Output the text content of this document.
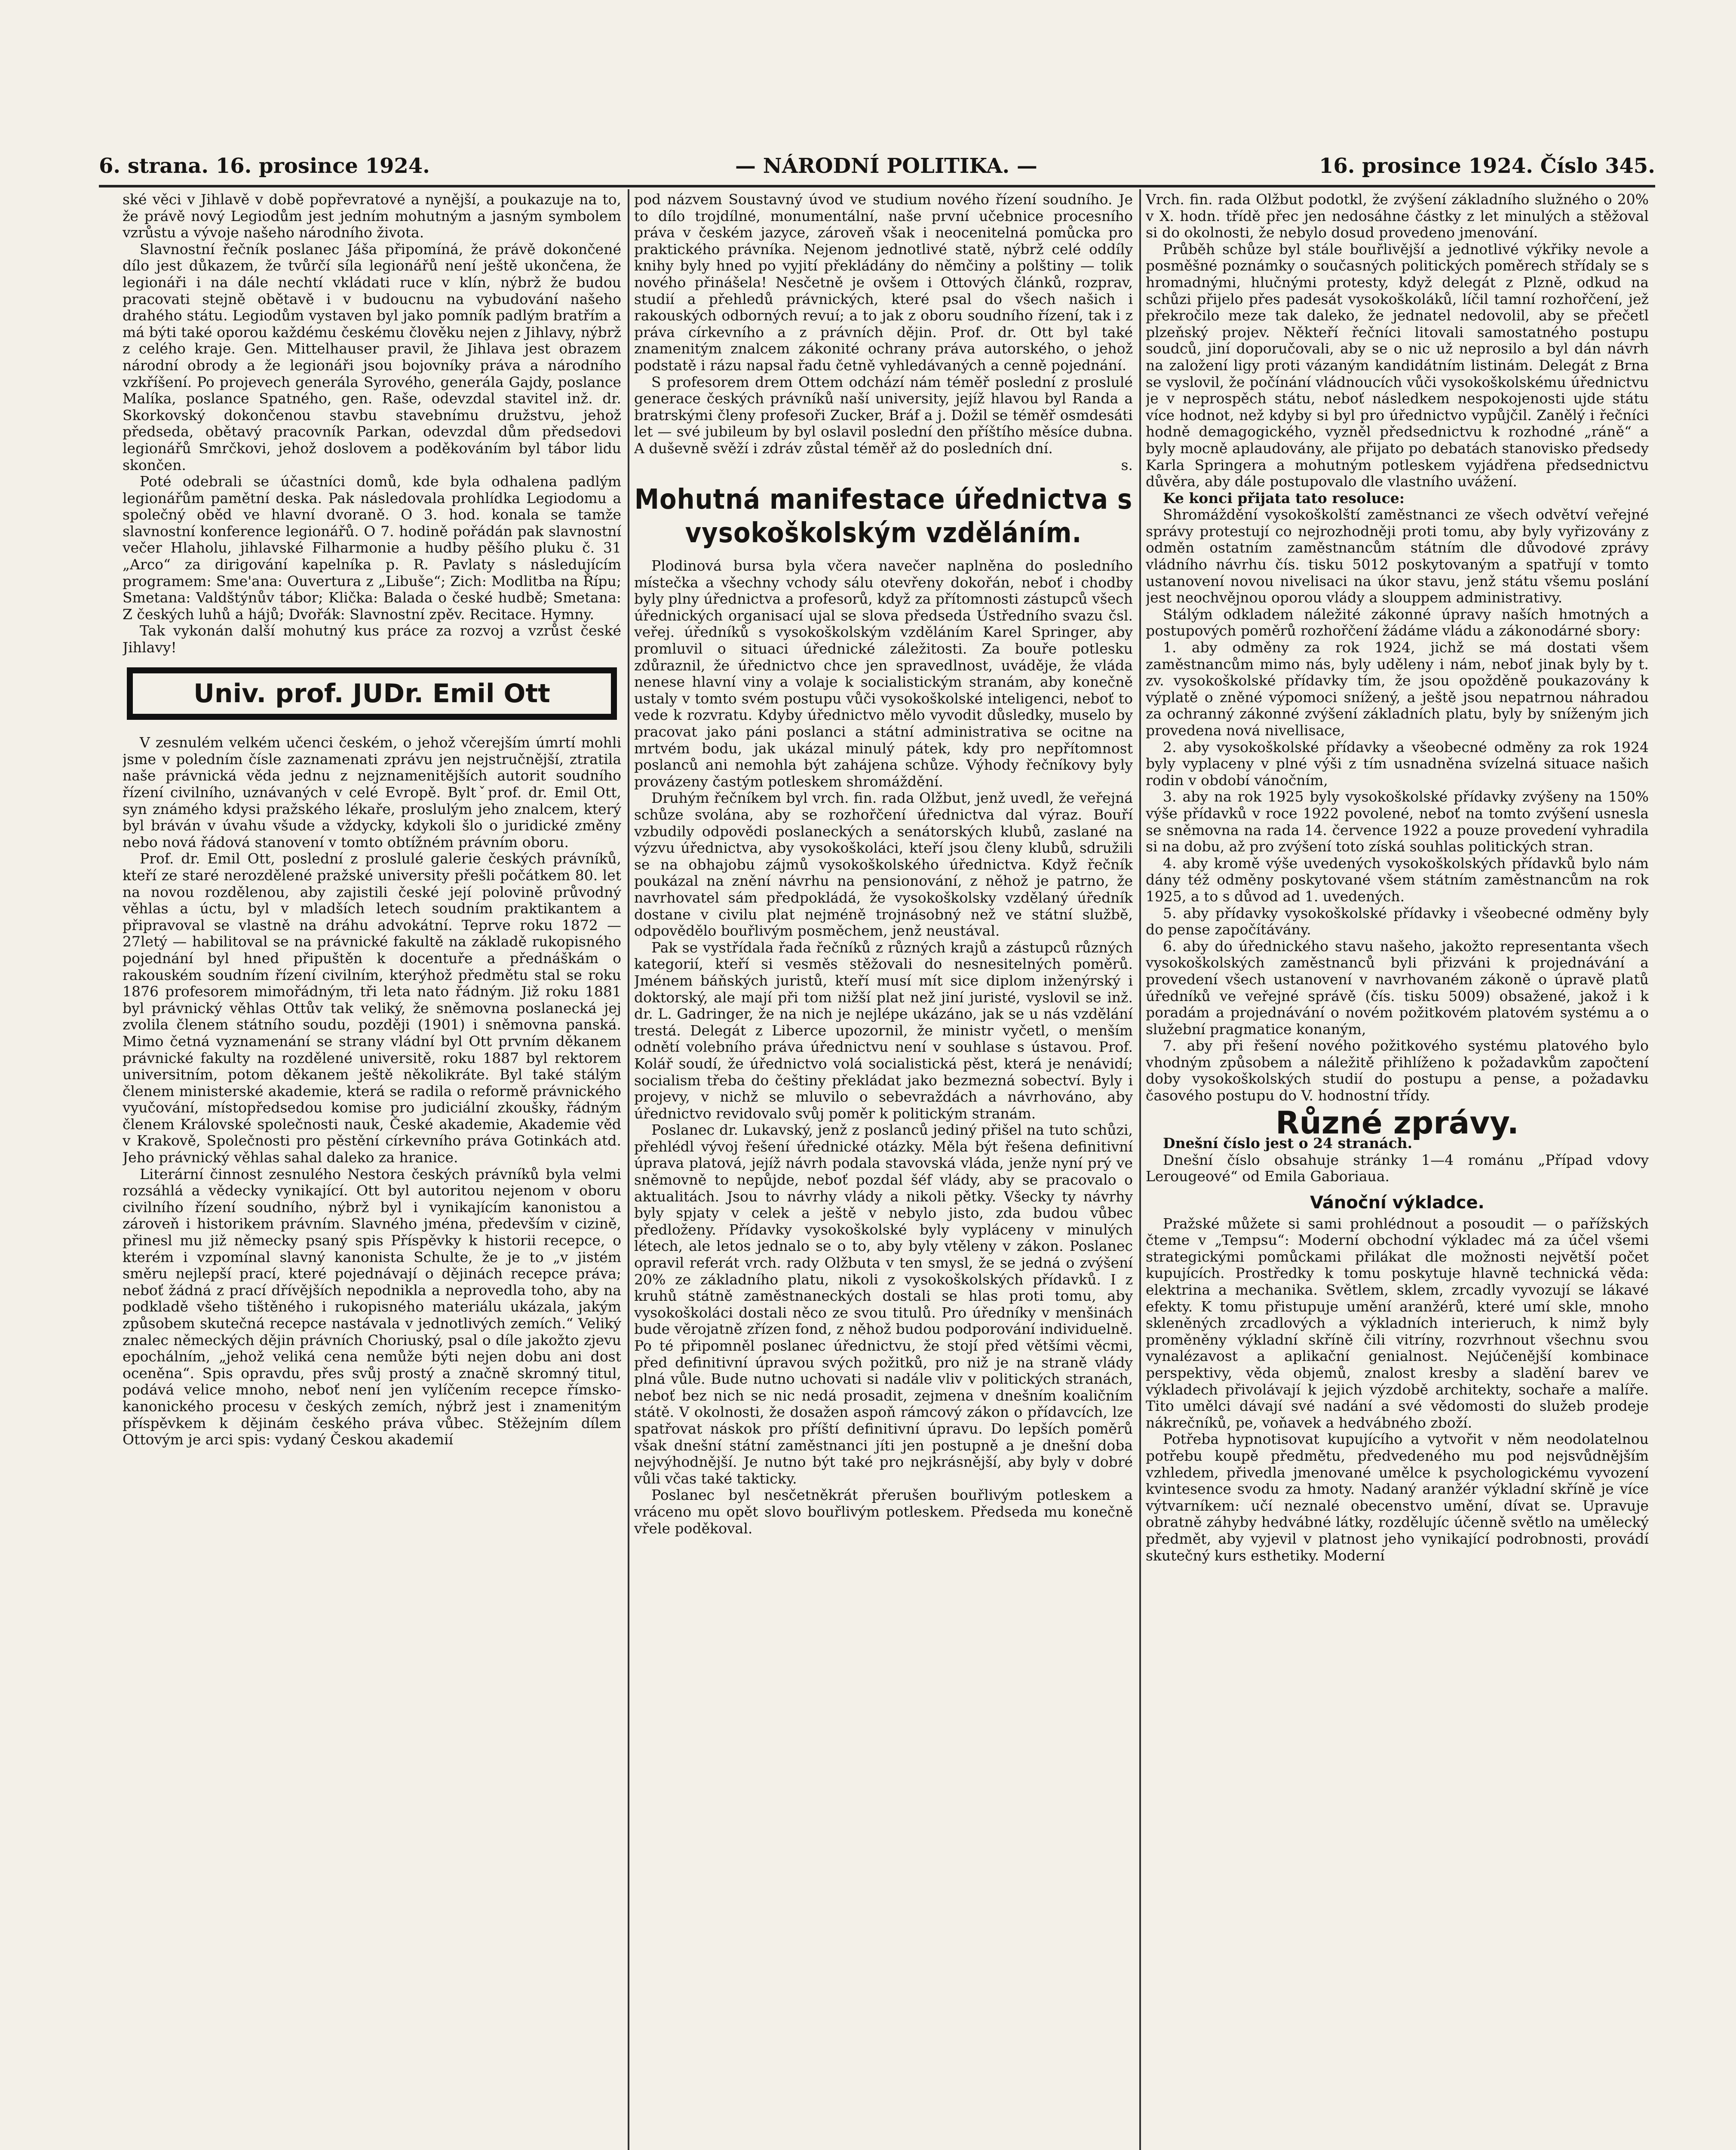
6. strana. 16. prosince 1924.	— NÁRODNÍ POLITIKA. —	16. prosince 1924. Číslo 345.

ské věci v Jihlavě v době popřevratové a nynější, a poukazuje na to, že právě nový Legiodům jest jedním mohutným a jasným symbolem vzrůstu a vývoje našeho národního života.

Slavnostní řečník poslanec Jáša připomíná, že právě dokončené dílo jest důkazem, že tvůrčí síla legionářů není ještě ukončena, že legionáři i na dále nechtí vkládati ruce v klín, nýbrž že budou pracovati stejně obětavě i v budoucnu na vybudování našeho drahého státu. Legiodům vystaven byl jako pomník padlým bratřím a má býti také oporou každému českému člověku nejen z Jihlavy, nýbrž z celého kraje. Gen. Mittelhauser pravil, že Jihlava jest obrazem národní obrody a že legionáři jsou bojovníky práva a národního vzkříšení. Po projevech generála Syrového, generála Gajdy, poslance Malíka, poslance Spatného, gen. Raše, odevzdal stavitel inž. dr. Skorkovský dokončenou stavbu stavebnímu družstvu, jehož předseda, obětavý pracovník Parkan, odevzdal dům předsedovi legionářů Smrčkovi, jehož doslovem a poděkováním byl tábor lidu skončen.

Poté odebrali se účastníci domů, kde byla odhalena padlým legionářům pamětní deska. Pak následovala prohlídka Legiodomu a společný oběd ve hlavní dvoraně. O 3. hod. konala se tamže slavnostní konference legionářů. O 7. hodině pořádán pak slavnostní večer Hlaholu, jihlavské Filharmonie a hudby pěšího pluku č. 31 „Arco“ za dirigování kapelníka p. R. Pavlaty s následujícím programem: Sme'ana: Ouvertura z „Libuše“; Zich: Modlitba na Řípu; Smetana: Valdštýnův tábor; Klička: Balada o české hudbě; Smetana: Z českých luhů a hájů; Dvořák: Slavnostní zpěv. Recitace. Hymny.

Tak vykonán další mohutný kus práce za rozvoj a vzrůst české Jihlavy!

Univ. prof. JUDr. Emil Ott

V zesnulém velkém učenci českém, o jehož včerejším úmrtí mohli jsme v poledním čísle zaznamenati zprávu jen nejstručnější, ztratila naše právnická věda jednu z nejznamenitějších autorit soudního řízení civilního, uznávaných v celé Evropě. Byltˇprof. dr. Emil Ott, syn známého kdysi pražského lékaře, proslulým jeho znalcem, který byl bráván v úvahu všude a vždycky, kdykoli šlo o juridické změny nebo nová řádová stanovení v tomto obtížném právním oboru.

Prof. dr. Emil Ott, poslední z proslulé galerie českých právníků, kteří ze staré nerozdělené pražské university přešli počátkem 80. let na novou rozdělenou, aby zajistili české její polovině průvodný věhlas a úctu, byl v mladších letech soudním praktikantem a připravoval se vlastně na dráhu advokátní. Teprve roku 1872 — 27letý — habilitoval se na právnické fakultě na základě rukopisného pojednání byl hned připuštěn k docentuře a přednáškám o rakouském soudním řízení civilním, kterýhož předmětu stal se roku 1876 profesorem mimořádným, tři leta nato řádným. Již roku 1881 byl právnický věhlas Ottův tak veliký, že sněmovna poslanecká jej zvolila členem státního soudu, později (1901) i sněmovna panská. Mimo četná vyznamenání se strany vládní byl Ott prvním děkanem právnické fakulty na rozdělené universitě, roku 1887 byl rektorem universitním, potom děkanem ještě několikráte. Byl také stálým členem ministerské akademie, která se radila o reformě právnického vyučování, místopředsedou komise pro judiciální zkoušky, řádným členem Královské společnosti nauk, České akademie, Akademie věd v Krakově, Společnosti pro pěstění církevního práva Gotinkách atd. Jeho právnický věhlas sahal daleko za hranice.

Literární činnost zesnulého Nestora českých právníků byla velmi rozsáhlá a vědecky vynikající. Ott byl autoritou nejenom v oboru civilního řízení soudního, nýbrž byl i vynikajícím kanonistou a zároveň i historikem právním. Slavného jména, především v cizině, přinesl mu již německy psaný spis Příspěvky k historii recepce, o kterém i vzpomínal slavný kanonista Schulte, že je to „v jistém směru nejlepší prací, které pojednávají o dějinách recepce práva; neboť žádná z prací dřívějších nepodnikla a neprovedla toho, aby na podkladě všeho tištěného i rukopisného materiálu ukázala, jakým způsobem skutečná recepce nastávala v jednotlivých zemích.“ Veliký znalec německých dějin právních Choriuský, psal o díle jakožto zjevu epochálním, „jehož veliká cena nemůže býti nejen dobu ani dost oceněna“. Spis opravdu, přes svůj prostý a značně skromný titul, podává velice mnoho, neboť není jen vylíčením recepce římsko-kanonického procesu v českých zemích, nýbrž jest i znamenitým příspěvkem k dějinám českého práva vůbec. Stěžejním dílem Ottovým je arci spis: vydaný Českou akademií

pod názvem Soustavný úvod ve studium nového řízení soudního. Je to dílo trojdílné, monumentální, naše první učebnice procesního práva v českém jazyce, zároveň však i neocenitelná pomůcka pro praktického právníka. Nejenom jednotlivé statě, nýbrž celé oddíly knihy byly hned po vyjití překládány do němčiny a polštiny — tolik nového přinášela! Nesčetně je ovšem i Ottových článků, rozprav, studií a přehledů právnických, které psal do všech našich i rakouských odborných revuí; a to jak z oboru soudního řízení, tak i z práva církevního a z právních dějin. Prof. dr. Ott byl také znamenitým znalcem zákonité ochrany práva autorského, o jehož podstatě i rázu napsal řadu četně vyhledávaných a cenně pojednání.

S profesorem drem Ottem odchází nám téměř poslední z proslulé generace českých právníků naší university, jejíž hlavou byl Randa a bratrskými členy profesoři Zucker, Bráf a j. Dožil se téměř osmdesáti let — své jubileum by byl oslavil poslední den příštího měsíce dubna. A duševně svěží i zdráv zůstal téměř až do posledních dní.

s.

Mohutná manifestace úřednictva s vysokoškolským vzděláním.

Plodinová bursa byla včera navečer naplněna do posledního místečka a všechny vchody sálu otevřeny dokořán, neboť i chodby byly plny úřednictva a profesorů, když za přítomnosti zástupců všech úřednických organisací ujal se slova předseda Ústředního svazu čsl. veřej. úředníků s vysokoškolským vzděláním Karel Springer, aby promluvil o situaci úřednické záležitosti. Za bouře potlesku zdůraznil, že úřednictvo chce jen spravedlnost, uváděje, že vláda nenese hlavní viny a volaje k socialistickým stranám, aby konečně ustaly v tomto svém postupu vůči vysokoškolské inteligenci, neboť to vede k rozvratu. Kdyby úřednictvo mělo vyvodit důsledky, muselo by pracovat jako páni poslanci a státní administrativa se ocitne na mrtvém bodu, jak ukázal minulý pátek, kdy pro nepřítomnost poslanců ani nemohla být zahájena schůze. Výhody řečníkovy byly provázeny častým potleskem shromáždění.

Druhým řečníkem byl vrch. fin. rada Olžbut, jenž uvedl, že veřejná schůze svolána, aby se rozhořčení úřednictva dal výraz. Bouří vzbudily odpovědi poslaneckých a senátorských klubů, zaslané na výzvu úřednictva, aby vysokoškoláci, kteří jsou členy klubů, sdružili se na obhajobu zájmů vysokoškolského úřednictva. Když řečník poukázal na znění návrhu na pensionování, z něhož je patrno, že navrhovatel sám předpokládá, že vysokoškolsky vzdělaný úředník dostane v civilu plat nejméně trojnásobný než ve státní službě, odpovědělo bouřlivým posměchem, jenž neustával.

Pak se vystřídala řada řečníků z různých krajů a zástupců různých kategorií, kteří si vesměs stěžovali do nesnesitelných poměrů. Jménem báňských juristů, kteří musí mít sice diplom inženýrský i doktorský, ale mají při tom nižší plat než jiní juristé, vyslovil se inž. dr. L. Gadringer, že na nich je nejlépe ukázáno, jak se u nás vzdělání trestá. Delegát z Liberce upozornil, že ministr vyčetl, o menším odnětí volebního práva úřednictvu není v souhlase s ústavou. Prof. Kolář soudí, že úřednictvo volá socialistická pěst, která je nenávidí; socialism třeba do češtiny překládat jako bezmezná sobectví. Byly i projevy, v nichž se mluvilo o sebevraždách a návrhováno, aby úřednictvo revidovalo svůj poměr k politickým stranám.

Poslanec dr. Lukavský, jenž z poslanců jediný přišel na tuto schůzi, přehlédl vývoj řešení úřednické otázky. Měla být řešena definitivní úprava platová, jejíž návrh podala stavovská vláda, jenže nyní prý ve sněmovně to nepůjde, neboť pozdal šéf vlády, aby se pracovalo o aktualitách. Jsou to návrhy vlády a nikoli pětky. Všecky ty návrhy byly spjaty v celek a ještě v nebylo jisto, zda budou vůbec předloženy. Přídavky vysokoškolské byly vypláceny v minulých létech, ale letos jednalo se o to, aby byly vtěleny v zákon. Poslanec opravil referát vrch. rady Olžbuta v ten smysl, že se jedná o zvýšení 20% ze základního platu, nikoli z vysokoškolských přídavků. I z kruhů státně zaměstnaneckých dostali se hlas proti tomu, aby vysokoškoláci dostali něco ze svou titulů. Pro úředníky v menšinách bude věrojatně zřízen fond, z něhož budou podporování individuelně. Po té připomněl poslanec úřednictvu, že stojí před většími věcmi, před definitivní úpravou svých požitků, pro niž je na straně vlády plná vůle. Bude nutno uchovati si nadále vliv v politických stranách, neboť bez nich se nic nedá prosadit, zejmena v dnešním koaličním státě. V okolnosti, že dosažen aspoň rámcový zákon o přídavcích, lze spatřovat náskok pro příští definitivní úpravu. Do lepších poměrů však dnešní státní zaměstnanci jíti jen postupně a je dnešní doba nejvýhodnější. Je nutno být také pro nejkrásnější, aby byly v dobré vůli včas také takticky.

Poslanec byl nesčetněkrát přerušen bouřlivým potleskem a vráceno mu opět slovo bouřlivým potleskem. Předseda mu konečně vřele poděkoval.

Vrch. fin. rada Olžbut podotkl, že zvýšení základního služného o 20% v X. hodn. třídě přec jen nedosáhne částky z let minulých a stěžoval si do okolnosti, že nebylo dosud provedeno jmenování.

Průběh schůze byl stále bouřlivější a jednotlivé výkřiky nevole a posměšné poznámky o současných politických poměrech střídaly se s hromadnými, hlučnými protesty, když delegát z Plzně, odkud na schůzi přijelo přes padesát vysokoškoláků, líčil tamní rozhořčení, jež překročilo meze tak daleko, že jednatel nedovolil, aby se přečetl plzeňský projev. Někteří řečníci litovali samostatného postupu soudců, jiní doporučovali, aby se o nic už neprosilo a byl dán návrh na založení ligy proti vázaným kandidátním listinám. Delegát z Brna se vyslovil, že počínání vládnoucích vůči vysokoškolskému úřednictvu je v neprospěch státu, neboť následkem nespokojenosti ujde státu více hodnot, než kdyby si byl pro úřednictvo vypůjčil. Zanělý i řečníci hodně demagogického, vyzněl předsednictvu k rozhodné „ráně“ a byly mocně aplaudovány, ale přijato po debatách stanovisko předsedy Karla Springera a mohutným potleskem vyjádřena předsednictvu důvěra, aby dále postupovalo dle vlastního uvážení.

Ke konci přijata tato resoluce:

Shromáždění vysokoškolští zaměstnanci ze všech odvětví veřejné správy protestují co nejrozhodněji proti tomu, aby byly vyřizovány z odměn ostatním zaměstnancům státním dle důvodové zprávy vládního návrhu čís. tisku 5012 poskytovaným a spatřují v tomto ustanovení novou nivelisaci na úkor stavu, jenž státu všemu poslání jest neochvějnou oporou vlády a slouppem administrativy.

Stálým odkladem náležité zákonné úpravy naších hmotných a postupových poměrů rozhořčení žádáme vládu a zákonodárné sbory:

1. aby odměny za rok 1924, jichž se má dostati všem zaměstnancům mimo nás, byly uděleny i nám, neboť jinak byly by t. zv. vysokoškolské přídavky tím, že jsou opožděně poukazovány k výplatě o zněné výpomoci snížený, a ještě jsou nepatrnou náhradou za ochranný zákonné zvýšení základních platu, byly by sníženým jich provedena nová nivellisace,

2. aby vysokoškolské přídavky a všeobecné odměny za rok 1924 byly vyplaceny v plné výši z tím usnadněna svízelná situace našich rodin v období vánočním,

3. aby na rok 1925 byly vysokoškolské přídavky zvýšeny na 150% výše přídavků v roce 1922 povolené, neboť na tomto zvýšení usnesla se sněmovna na rada 14. července 1922 a pouze provedení vyhradila si na dobu, až pro zvýšení toto získá souhlas politických stran.

4. aby kromě výše uvedených vysokoškolských přídavků bylo nám dány též odměny poskytované všem státním zaměstnancům na rok 1925, a to s důvod ad 1. uvedených.

5. aby přídavky vysokoškolské přídavky i všeobecné odměny byly do pense započítávány.

6. aby do úřednického stavu našeho, jakožto representanta všech vysokoškolských zaměstnanců byli přizváni k projednávání a provedení všech ustanovení v navrhovaném zákoně o úpravě platů úředníků ve veřejné správě (čís. tisku 5009) obsažené, jakož i k poradám a projednávání o novém požitkovém platovém systému a o služební pragmatice konaným,

7. aby při řešení nového požitkového systému platového bylo vhodným způsobem a náležitě přihlíženo k požadavkům započtení doby vysokoškolských studií do postupu a pense, a požadavku časového postupu do V. hodnostní třídy.

Různé zprávy.

Dnešní číslo jest o 24 stranách.

Dnešní číslo obsahuje stránky 1—4 románu „Případ vdovy Lerougeové“ od Emila Gaboriaua.

Vánoční výkladce.

Pražské můžete si sami prohlédnout a posoudit — o pařížských čteme v „Tempsu“: Moderní obchodní výkladec má za účel všemi strategickými pomůckami přilákat dle možnosti největší počet kupujících. Prostředky k tomu poskytuje hlavně technická věda: elektrina a mechanika. Světlem, sklem, zrcadly vyvozují se lákavé efekty. K tomu přistupuje umění aranžérů, které umí skle, mnoho skleněných zrcadlových a výkladních interieruch, k nimž byly proměněny výkladní skříně čili vitríny, rozvrhnout všechnu svou vynalézavost a aplikační genialnost. Nejúčenější kombinace perspektivy, věda objemů, znalost kresby a sladění barev ve výkladech přivolávají k jejich výzdobě architekty, sochaře a malíře. Tito umělci dávají své nadání a své vědomosti do služeb prodeje nákrečníků, pe, voňavek a hedvábného zboží.

Potřeba hypnotisovat kupujícího a vytvořit v něm neodolatelnou potřebu koupě předmětu, předvedeného mu pod nejsvůdnějším vzhledem, přivedla jmenované umělce k psychologickému vyvození kvintesence svodu za hmoty. Nadaný aranžér výkladní skříně je více výtvarníkem: učí neznalé obecenstvo umění, dívat se. Upravuje obratně záhyby hedvábné látky, rozdělujíc účenně světlo na umělecký předmět, aby vyjevil v platnost jeho vynikající podrobnosti, provádí skutečný kurs esthetiky. Moderní
